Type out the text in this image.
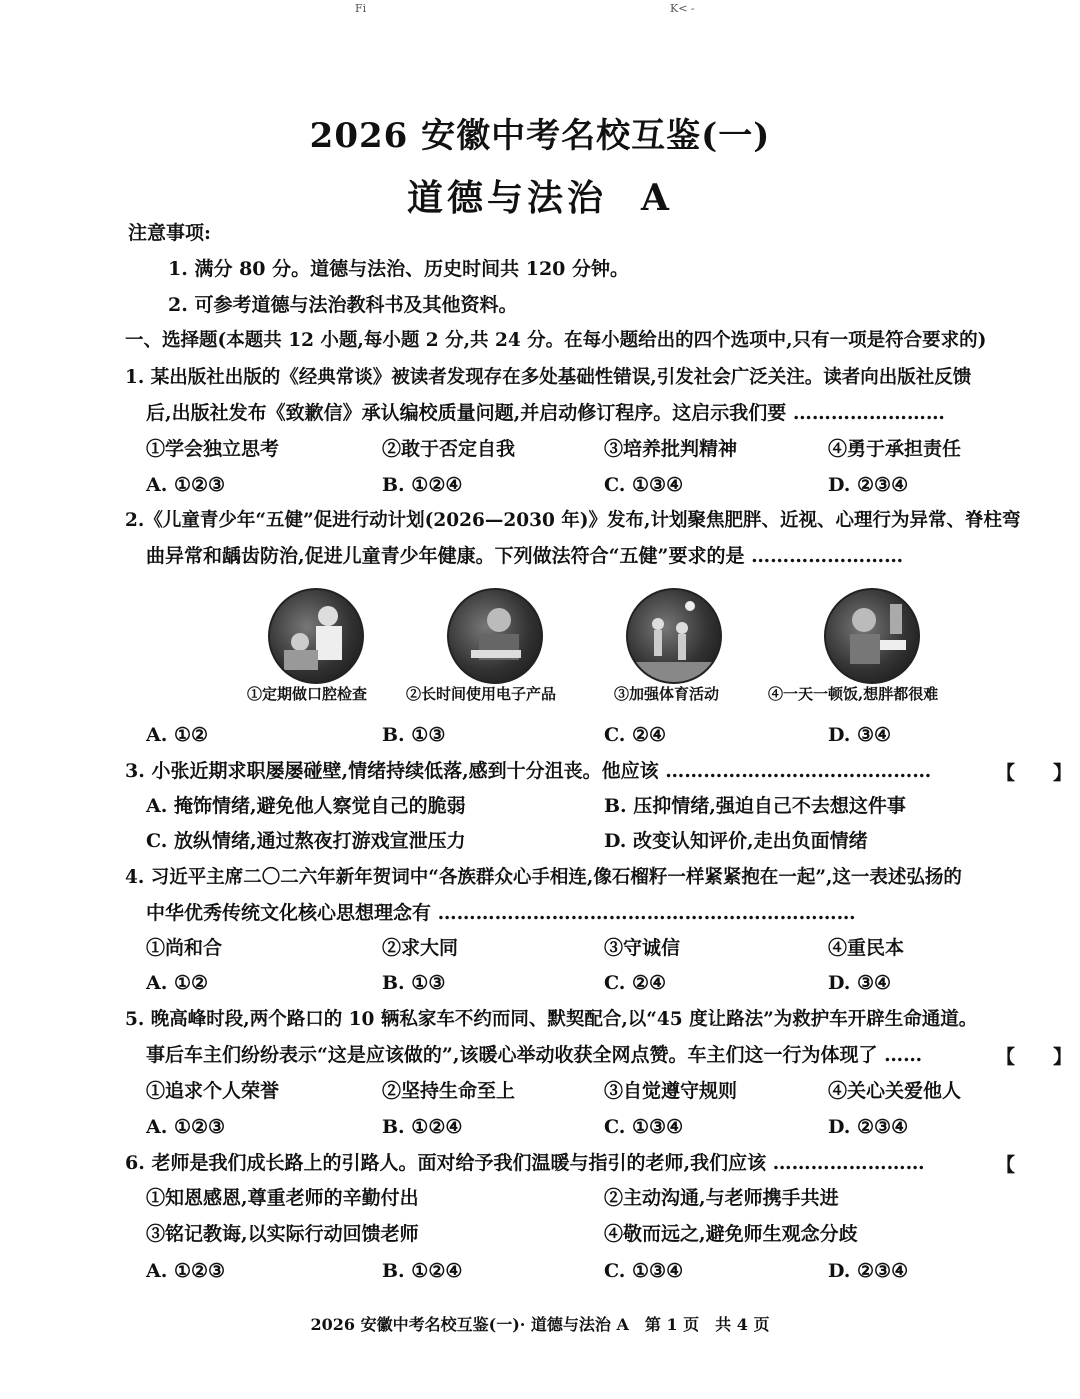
Fi	K< -
2026 安徽中考名校互鉴(一)
道德与法治 A
注意事项:
1. 满分 80 分。道德与法治、历史时间共 120 分钟。
2. 可参考道德与法治教科书及其他资料。
一、选择题(本题共 12 小题,每小题 2 分,共 24 分。在每小题给出的四个选项中,只有一项是符合要求的)
1. 某出版社出版的《经典常谈》被读者发现存在多处基础性错误,引发社会广泛关注。读者向出版社反馈
后,出版社发布《致歉信》承认编校质量问题,并启动修订程序。这启示我们要 ……………………
①学会独立思考	②敢于否定自我	③培养批判精神	④勇于承担责任
A. ①②③	B. ①②④	C. ①③④	D. ②③④
2.《儿童青少年“五健”促进行动计划(2026—2030 年)》发布,计划聚焦肥胖、近视、心理行为异常、脊柱弯
曲异常和龋齿防治,促进儿童青少年健康。下列做法符合“五健”要求的是 ……………………
①定期做口腔检查	②长时间使用电子产品	③加强体育活动	④一天一顿饭,想胖都很难
A. ①②	B. ①③	C. ②④	D. ③④
3. 小张近期求职屡屡碰壁,情绪持续低落,感到十分沮丧。他应该 ……………………………………	【　　】
A. 掩饰情绪,避免他人察觉自己的脆弱	B. 压抑情绪,强迫自己不去想这件事
C. 放纵情绪,通过熬夜打游戏宣泄压力	D. 改变认知评价,走出负面情绪
4. 习近平主席二〇二六年新年贺词中“各族群众心手相连,像石榴籽一样紧紧抱在一起”,这一表述弘扬的
中华优秀传统文化核心思想理念有 …………………………………………………………
①尚和合	②求大同	③守诚信	④重民本
A. ①②	B. ①③	C. ②④	D. ③④
5. 晚高峰时段,两个路口的 10 辆私家车不约而同、默契配合,以“45 度让路法”为救护车开辟生命通道。
事后车主们纷纷表示“这是应该做的”,该暖心举动收获全网点赞。车主们这一行为体现了 ……	【　　】
①追求个人荣誉	②坚持生命至上	③自觉遵守规则	④关心关爱他人
A. ①②③	B. ①②④	C. ①③④	D. ②③④
6. 老师是我们成长路上的引路人。面对给予我们温暖与指引的老师,我们应该 ……………………	【
①知恩感恩,尊重老师的辛勤付出	②主动沟通,与老师携手共进
③铭记教诲,以实际行动回馈老师	④敬而远之,避免师生观念分歧
A. ①②③	B. ①②④	C. ①③④	D. ②③④
2026 安徽中考名校互鉴(一)· 道德与法治 A　第 1 页　共 4 页
